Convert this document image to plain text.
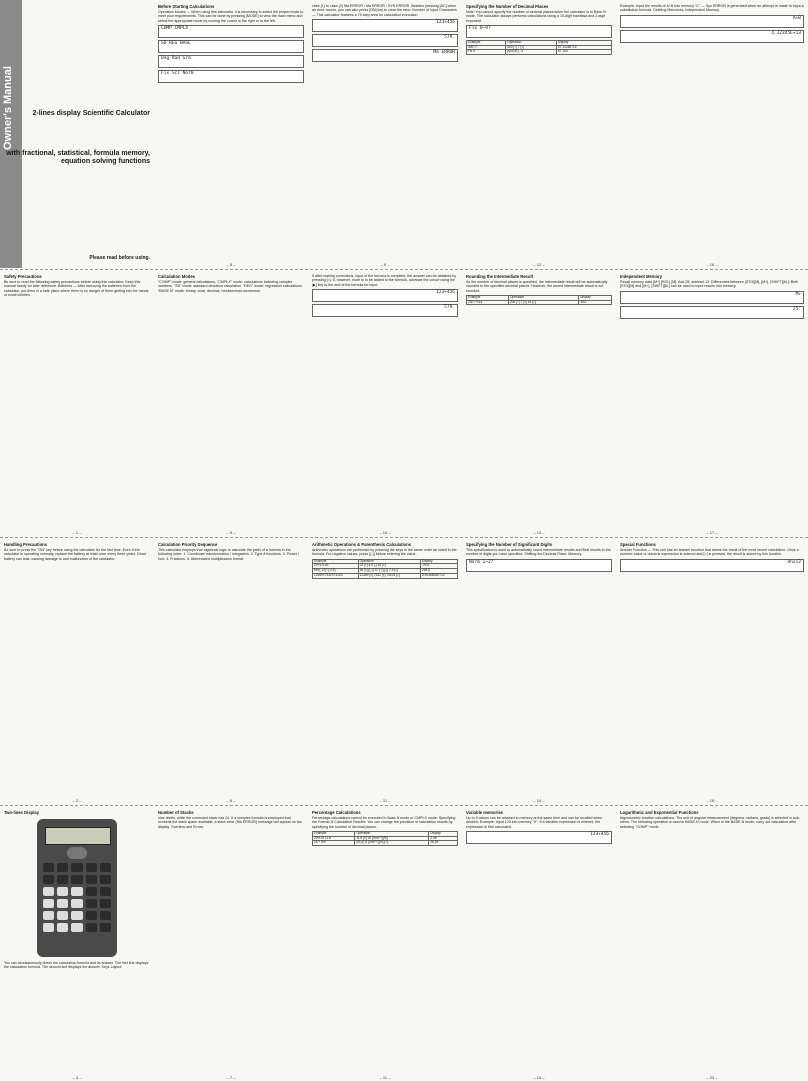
Owner's Manual	2-lines display Scientific Calculator
with fractional, statistical, formula memory, equation solving functions
Please read before using.
Before Starting Calculations
Operation Modes — When using this calculator, it is necessary to select the proper mode to meet your requirements. This can be done by pressing [MODE] to view the main menu and select the appropriate mode by moving the cursor to the right or to the left.
COMP CMPLX
SD REG BASE
Deg Rad Gra
Fix Sci Norm
– 8 –
case (1) to case (3) Ma ERROR / Ma ERROR / SYN ERROR. Besides pressing [AC] when an error occurs, you can also press [ON] key to clear the error. Number of Input Characters — This calculator features a 79-step area for calculation execution.
123+456
579.
Ma ERROR
– 9 –
Specifying the Number of Decimal Places
Note: You cannot specify the number of decimal places when the calculator is in Base-N mode. The calculator always performs calculations using a 10-digit mantissa and 2-digit exponent.
Fix 0~9?
Example	Operation	Display
400÷7	400 [÷] 7 [=]	57.14285714
Fix 3	[MODE]...3	57.143
– 12 –
Example: Input the results of A+B into memory "C" — Syn ERROR is generated when an attempt is made to input a substitution formula. Deleting Memories; Independent Memory.
A+B
4.12345E+13
– 16 –
Safety Precautions
Be sure to read the following safety precautions before using this calculator. Keep this manual handy for later reference. Batteries — After removing the batteries from the calculator, put them in a safe place where there is no danger of them getting into the hands of small children.
– 1 –
Calculation Modes
"COMP" mode: general calculations. "CMPLX" mode: calculations including complex numbers. "SD" mode: standard deviation calculation. "REG" mode: regression calculations. "BASE-N" mode: binary, octal, decimal, hexadecimal conversion.
– 5 –
If after making corrections, input of the formula is complete, the answer can be obtained by pressing [=]. If, however, more is to be added to the formula, advance the cursor using the [▶] key to the end of the formula for input.
123+456
579.
– 10 –
Rounding the Intermediate Result
As the number of decimal places is specified, the intermediate result will be automatically rounded to the specified decimal places. However, the stored intermediate result is not rounded.
Example	Operation	Display
200÷7×14	200 [÷] 7 [×] 14 [=]	400.
– 13 –
Independent Memory
Recall memory data [M+] [RCL] [M]. Add 25, subtract 12. Differences between [STO][M], [M+], [SHIFT][M-]: Both [STO][M] and [M+], [SHIFT][M-] can be used to input results into memory.
M+
25.
– 17 –
Handling Precautions
Be sure to press the "ON" key before using the calculator for the first time. Even if the calculator is operating normally, replace the battery at least once every three years. Dead battery can leak, causing damage to and malfunction of the calculator.
– 2 –
Calculation Priority Sequence
This calculator employs true algebraic logic to calculate the parts of a formula in the following order: 1. Coordinate transformation / integration. 2. Type A functions. 3. Power / root. 4. Fractions. 5. Abbreviated multiplication format.
– 6 –
Arithmetic Operations & Parenthesis Calculations
Arithmetic operations are performed by pressing the keys in the same order as noted in the formula. For negative values, press [(-)] before entering the value.
Example	Operation	Display
23+4.5-53	23 [+] 4.5 [-] 53 [=]	-25.5
56×(-12)÷(-2.5)	56 [×] [(-)] 12 [÷] [(-)] 2.5 [=]	268.8
12369×7532×74103	12369 [×] 7532 [×] 74103 [=]	6.9036806E+12
– 11 –
Specifying the Number of Significant Digits
This specification is used to automatically round intermediate results and final results to the number of digits you have specified. Shifting the Decimal Place. Memory.
Norm 1~2?
– 14 –
Special Functions
Answer Function — This unit has an answer function that stores the result of the most recent calculation. Once a numeric value or numeric expression is entered and [=] is pressed, the result is stored by this function.
Ans×2
– 18 –
Two-lines Display
You can simultaneously check the calculation formula and its answer. The first line displays the calculation formula. The second line displays the answer. Keys Layout.
– 3 –
Number of Stacks
nine levels, while the command stack has 24. If a complex formula is employed that exceeds the stack space available, a stack error (Stk ERROR) message will appear on the display. Overflow and Errors.
– 7 –
Percentage Calculations
Percentage calculations cannot be executed in Base-N mode or CMPLX mode. Specifying the Format of Calculation Results: You can change the precision of calculation results by specifying the number of decimal places.
Example	Operation	Display
20% of 11.8	11.8 [×] 20 [SHIFT][%]	2.36
25 + 5%	25 [×] 5 [SHIFT][%] [+]	26.25
– 11 –
Variable memories
Up to 9 values can be retained in memory at the same time and can be recalled when desired. Example: Input 123 into memory "X". If a variable expression is entered, the expression is first calculated.
123+456
– 15 –
Logarithmic and Exponential Functions
trigonometric function calculations. The unit of angular measurement (degrees, radians, grads) is selected in sub-menu. The following operation is used in BASE-N mode. When in the BASE-N mode, carry out calculation after selecting "COMP" mode.
– 23 –
